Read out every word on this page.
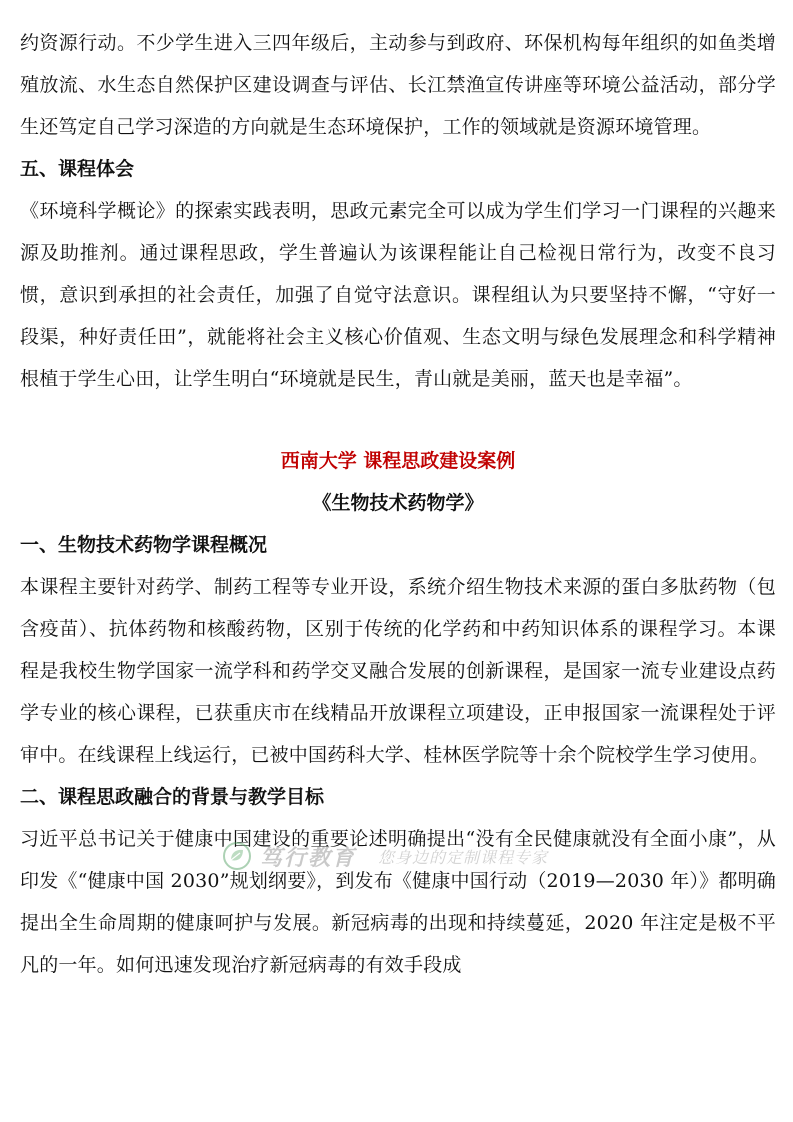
约资源行动。不少学生进入三四年级后，主动参与到政府、环保机构每年组织的如鱼类增殖放流、水生态自然保护区建设调查与评估、长江禁渔宣传讲座等环境公益活动，部分学生还笃定自己学习深造的方向就是生态环境保护，工作的领域就是资源环境管理。

五、课程体会

《环境科学概论》的探索实践表明，思政元素完全可以成为学生们学习一门课程的兴趣来源及助推剂。通过课程思政，学生普遍认为该课程能让自己检视日常行为，改变不良习惯，意识到承担的社会责任，加强了自觉守法意识。课程组认为只要坚持不懈，“守好一段渠，种好责任田”，就能将社会主义核心价值观、生态文明与绿色发展理念和科学精神根植于学生心田，让学生明白“环境就是民生，青山就是美丽，蓝天也是幸福”。

西南大学 课程思政建设案例
《生物技术药物学》
一、生物技术药物学课程概况

本课程主要针对药学、制药工程等专业开设，系统介绍生物技术来源的蛋白多肽药物（包含疫苗）、抗体药物和核酸药物，区别于传统的化学药和中药知识体系的课程学习。本课程是我校生物学国家一流学科和药学交叉融合发展的创新课程，是国家一流专业建设点药学专业的核心课程，已获重庆市在线精品开放课程立项建设，正申报国家一流课程处于评审中。在线课程上线运行，已被中国药科大学、桂林医学院等十余个院校学生学习使用。

二、课程思政融合的背景与教学目标

习近平总书记关于健康中国建设的重要论述明确提出“没有全民健康就没有全面小康”，从印发《“健康中国 2030”规划纲要》，到发布《健康中国行动（2019—2030 年）》都明确提出全生命周期的健康呵护与发展。新冠病毒的出现和持续蔓延，2020 年注定是极不平凡的一年。如何迅速发现治疗新冠病毒的有效手段成

笃行教育 您身边的定制课程专家
